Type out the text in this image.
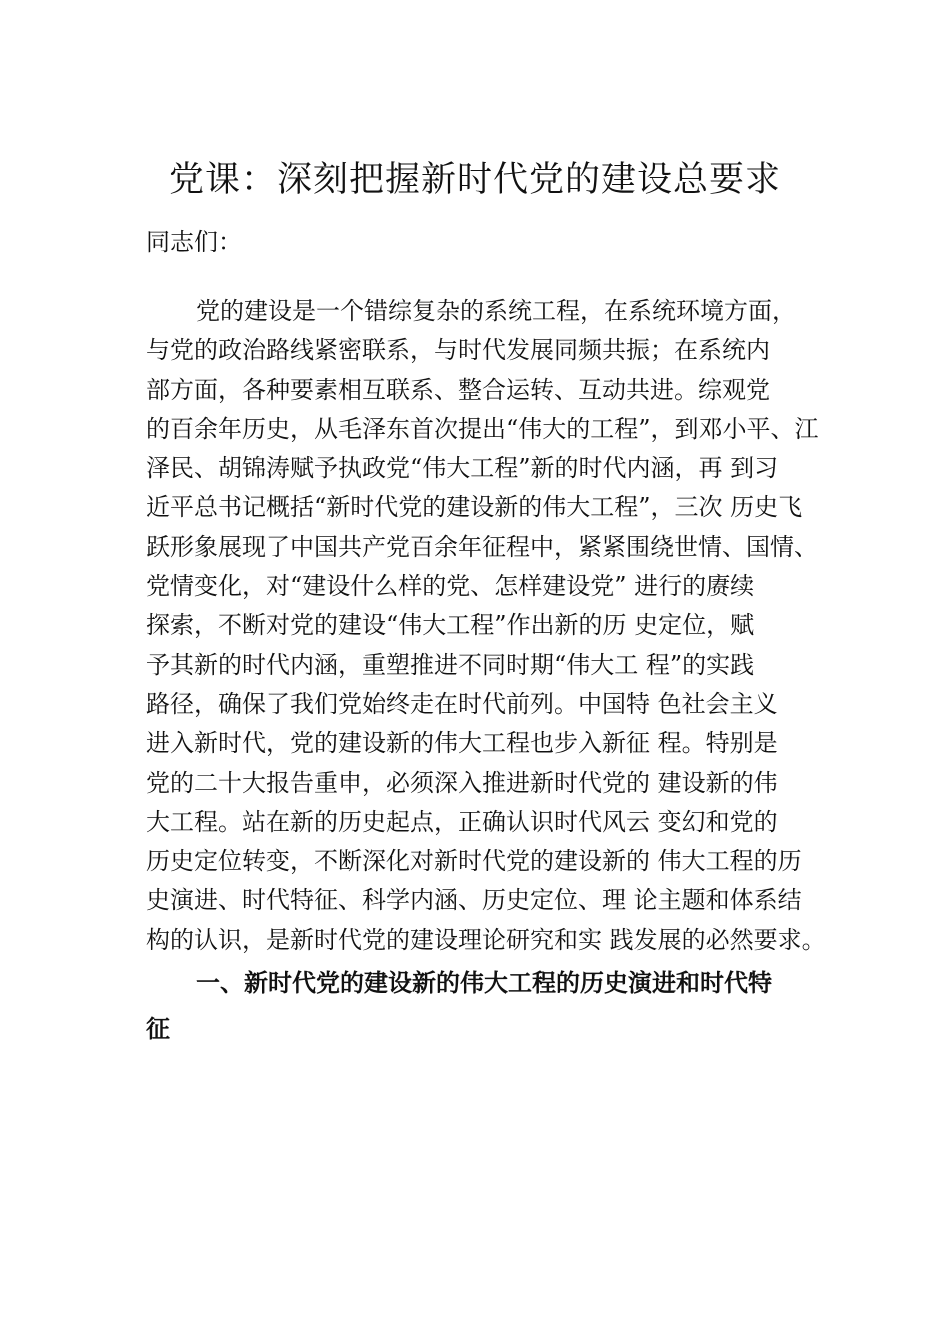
党课：深刻把握新时代党的建设总要求
同志们：
党的建设是一个错综复杂的系统工程，在系统环境方面，
与党的政治路线紧密联系，与时代发展同频共振；在系统内
部方面，各种要素相互联系、整合运转、互动共进。综观党
的百余年历史，从毛泽东首次提出“伟大的工程”，到邓小平、江
泽民、胡锦涛赋予执政党“伟大工程”新的时代内涵，再 到习
近平总书记概括“新时代党的建设新的伟大工程”，三次 历史飞
跃形象展现了中国共产党百余年征程中，紧紧围绕世情、国情、
党情变化，对“建设什么样的党、怎样建设党” 进行的赓续
探索，不断对党的建设“伟大工程”作出新的历 史定位，赋
予其新的时代内涵，重塑推进不同时期“伟大工 程”的实践
路径，确保了我们党始终走在时代前列。中国特 色社会主义
进入新时代，党的建设新的伟大工程也步入新征 程。特别是
党的二十大报告重申，必须深入推进新时代党的 建设新的伟
大工程。站在新的历史起点，正确认识时代风云 变幻和党的
历史定位转变，不断深化对新时代党的建设新的 伟大工程的历
史演进、时代特征、科学内涵、历史定位、理 论主题和体系结
构的认识，是新时代党的建设理论研究和实 践发展的必然要求。
一、新时代党的建设新的伟大工程的历史演进和时代特
征
